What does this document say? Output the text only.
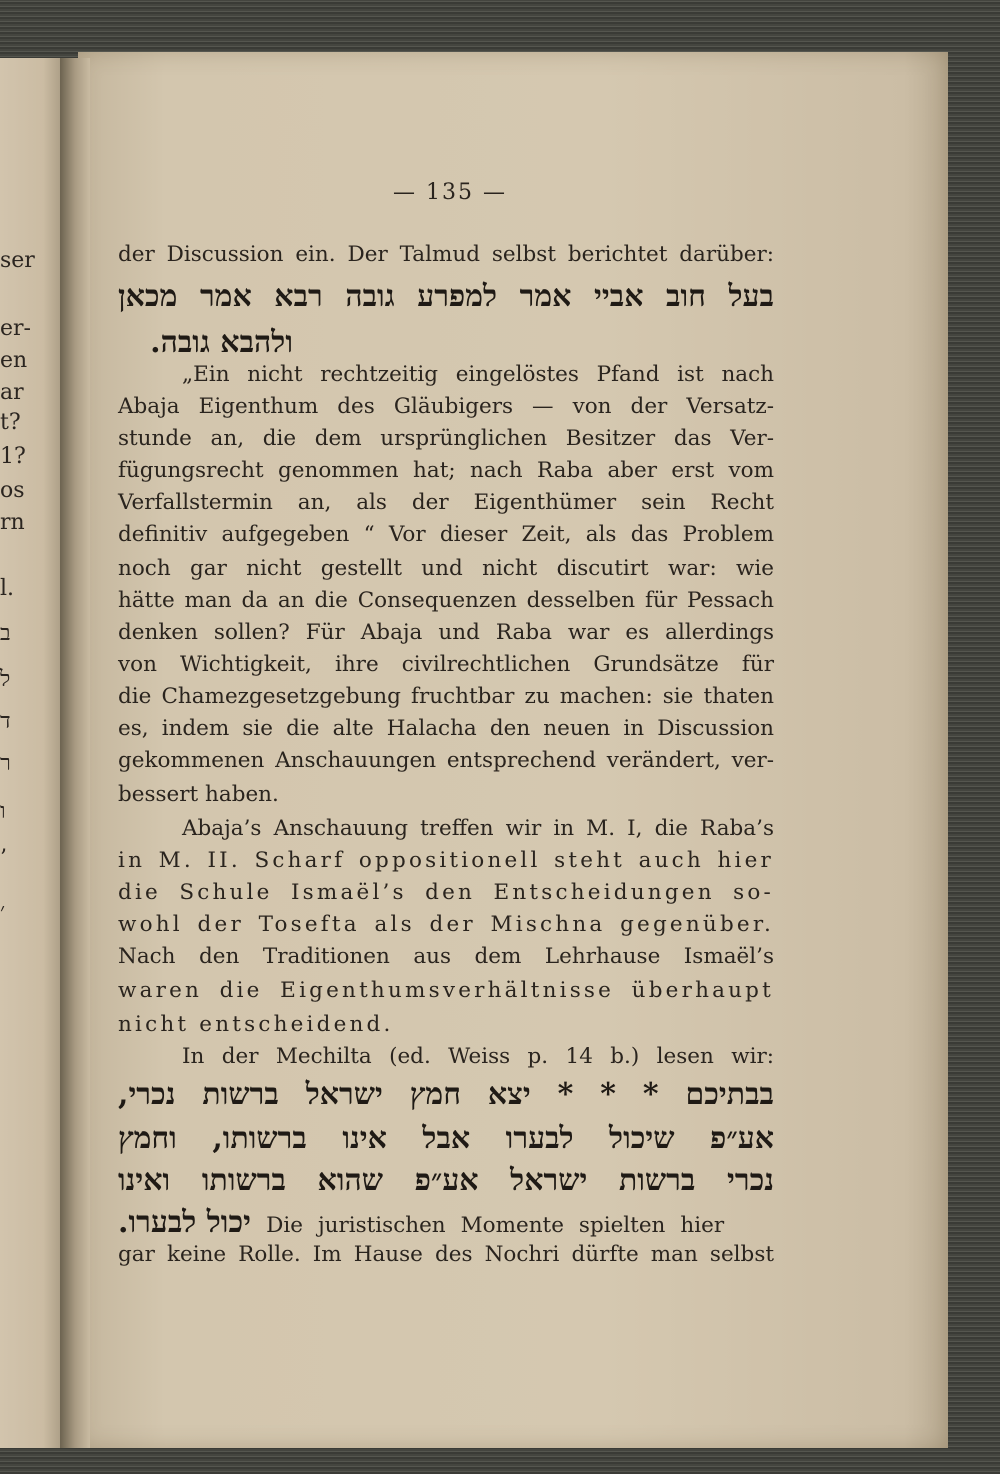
ser
er-
en
ar
t?
1?
os
rn
l.
ב
ל
ד
ר
ו
’
׳
— 135 —
der Discussion ein. Der Talmud selbst berichtet darüber:
בעל חוב אביי אמר למפרע גובה רבא אמר מכאן
ולהבא גובה.
„Ein nicht rechtzeitig eingelöstes Pfand ist nach
Abaja Eigenthum des Gläubigers — von der Versatz-
stunde an, die dem ursprünglichen Besitzer das Ver-
fügungsrecht genommen hat; nach Raba aber erst vom
Verfallstermin an, als der Eigenthümer sein Recht
definitiv aufgegeben “ Vor dieser Zeit, als das Problem
noch gar nicht gestellt und nicht discutirt war: wie
hätte man da an die Consequenzen desselben für Pessach
denken sollen? Für Abaja und Raba war es allerdings
von Wichtigkeit, ihre civilrechtlichen Grundsätze für
die Chamezgesetzgebung fruchtbar zu machen: sie thaten
es, indem sie die alte Halacha den neuen in Discussion
gekommenen Anschauungen entsprechend verändert, ver-
bessert haben.
Abaja’s Anschauung treffen wir in M. I, die Raba’s
in M. II. Scharf oppositionell steht auch hier
die Schule Ismaël’s den Entscheidungen so-
wohl der Tosefta als der Mischna gegenüber.
Nach den Traditionen aus dem Lehrhause Ismaël’s
waren die Eigenthumsverhältnisse überhaupt
nicht entscheidend.
In der Mechilta (ed. Weiss p. 14 b.) lesen wir:
בבתיכם * * * יצא חמץ ישראל ברשות נכרי,
אע״פ שיכול לבערו אבל אינו ברשותו, וחמץ
נכרי ברשות ישראל אע״פ שהוא ברשותו ואינו
יכול לבערו. Die juristischen Momente spielten hier
gar keine Rolle. Im Hause des Nochri dürfte man selbst
